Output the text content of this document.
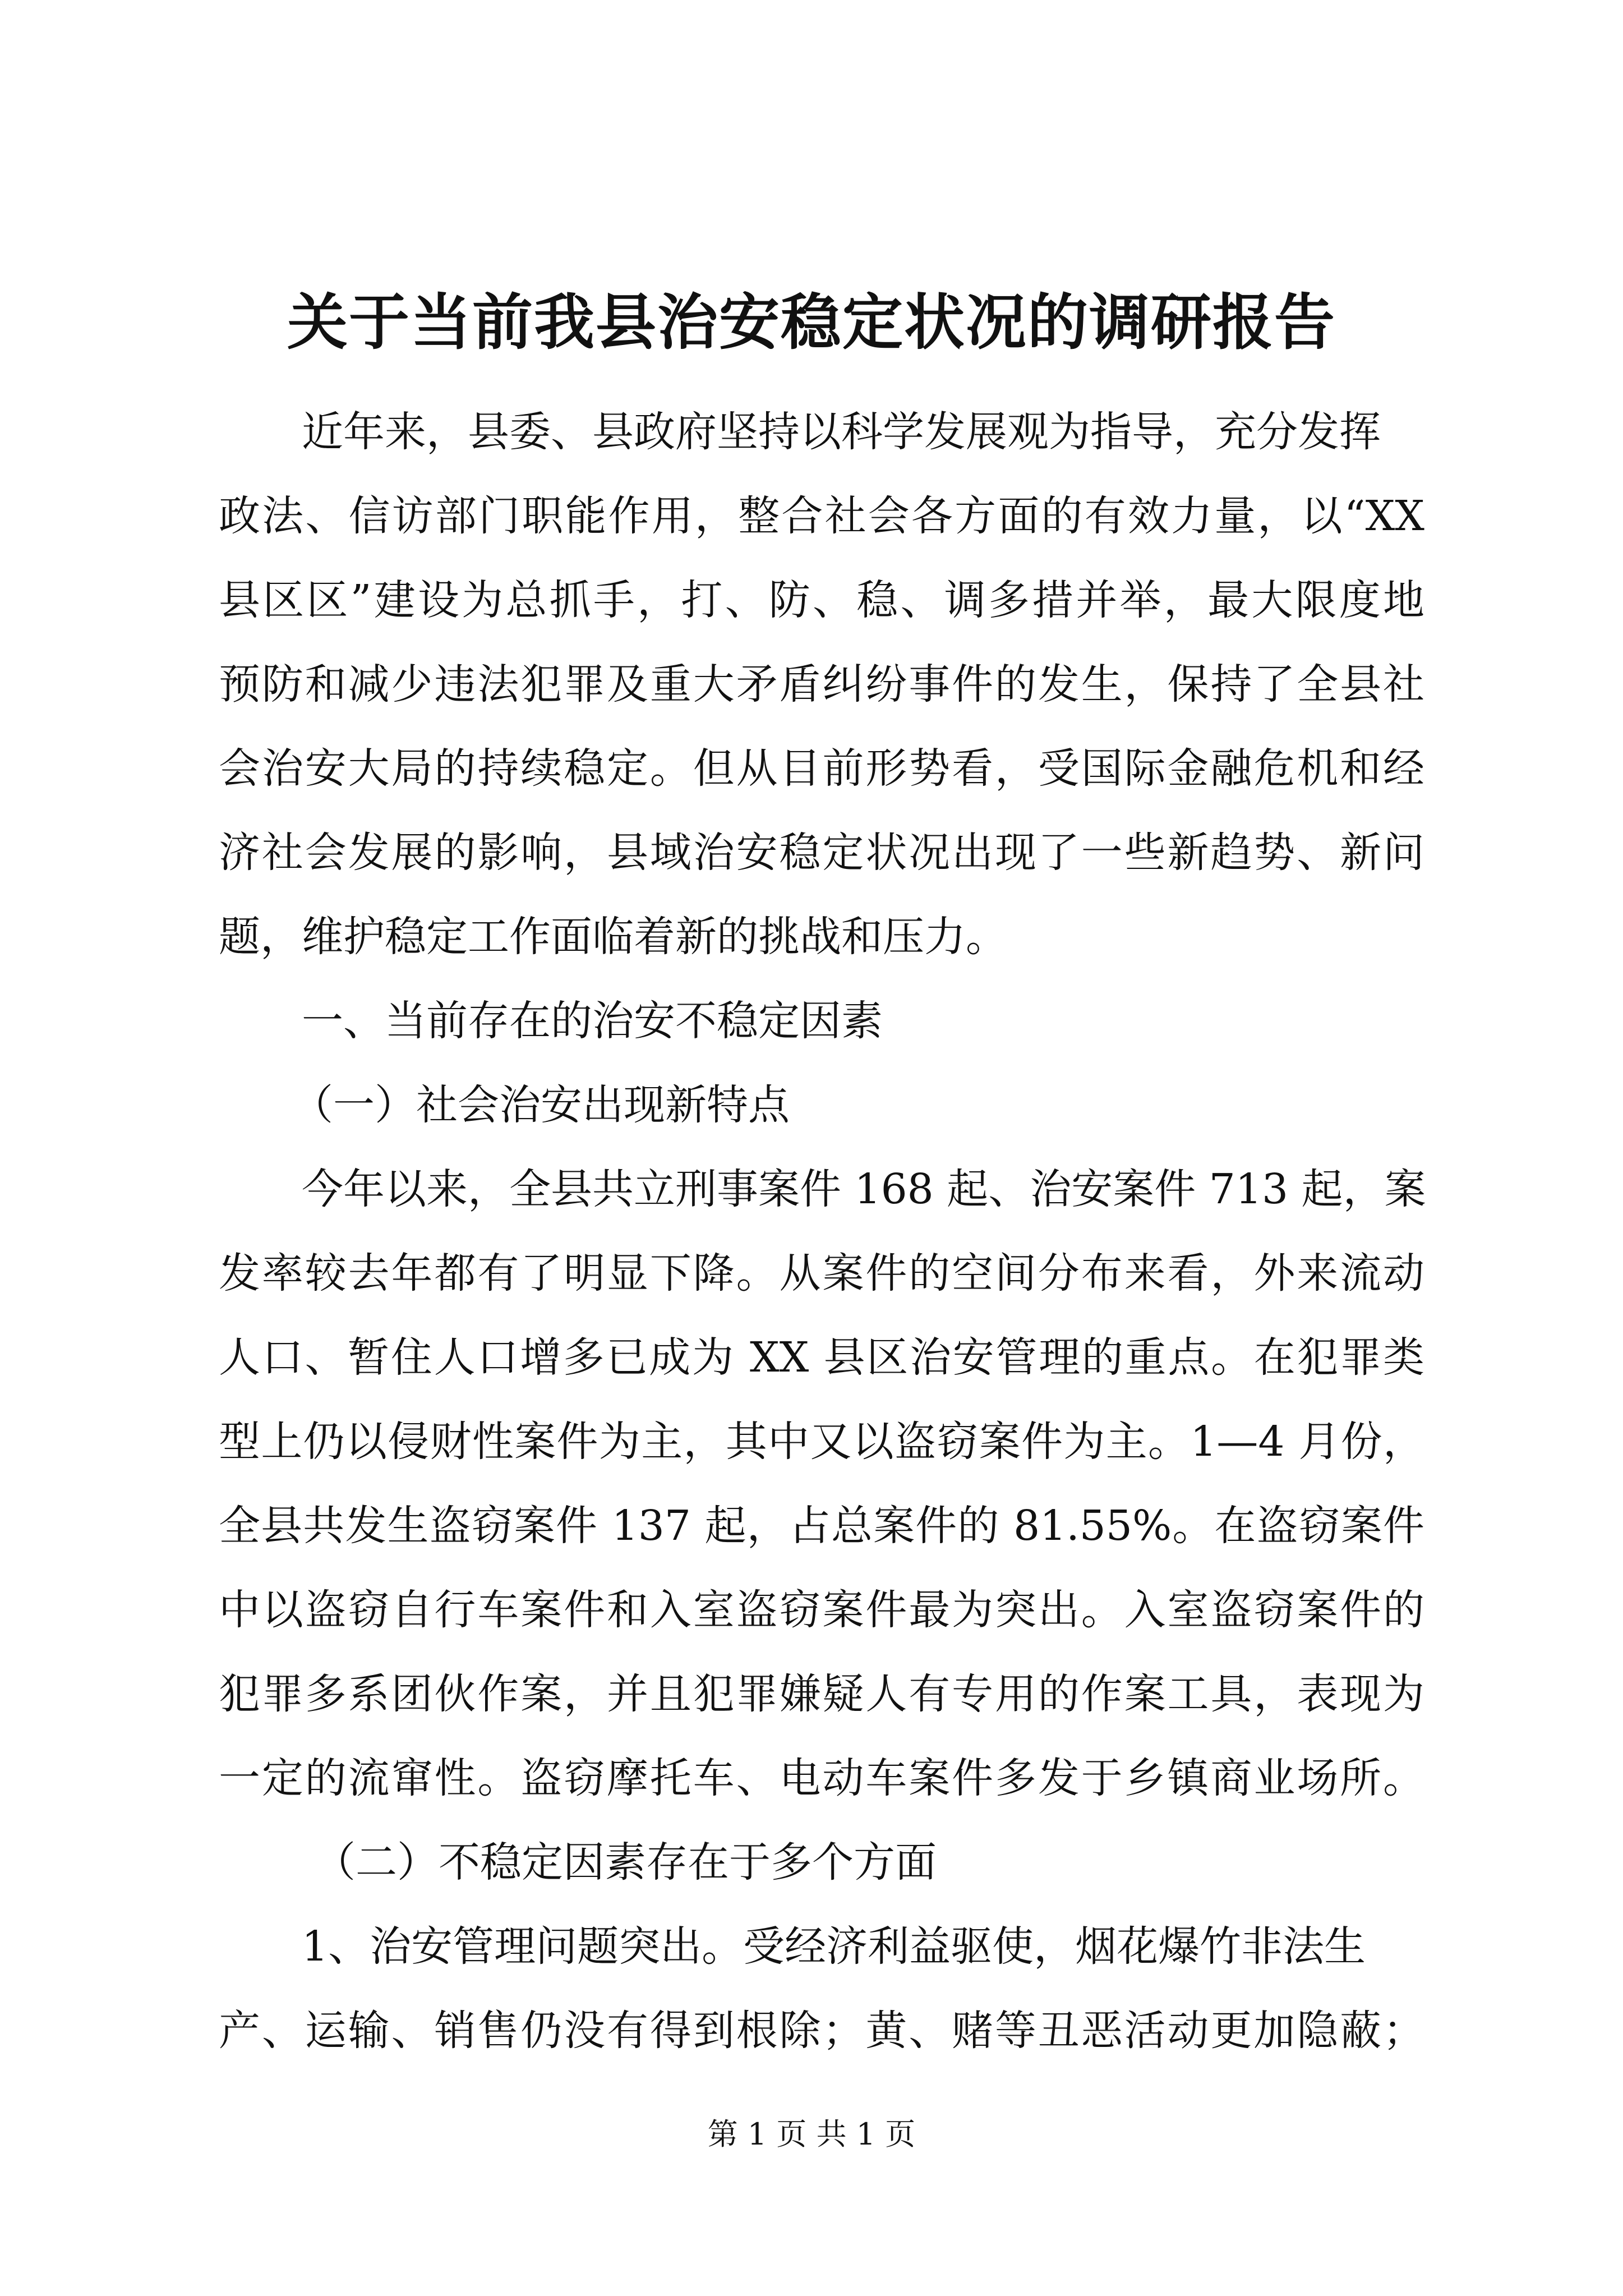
关于当前我县治安稳定状况的调研报告

近年来，县委、县政府坚持以科学发展观为指导，充分发挥

政法、信访部门职能作用，整合社会各方面的有效力量，以“XX

县区区”建设为总抓手，打、防、稳、调多措并举，最大限度地

预防和减少违法犯罪及重大矛盾纠纷事件的发生，保持了全县社

会治安大局的持续稳定。但从目前形势看，受国际金融危机和经

济社会发展的影响，县域治安稳定状况出现了一些新趋势、新问

题，维护稳定工作面临着新的挑战和压力。

一、当前存在的治安不稳定因素

（一）社会治安出现新特点

今年以来，全县共立刑事案件 168 起、治安案件 713 起，案

发率较去年都有了明显下降。从案件的空间分布来看，外来流动

人口、暂住人口增多已成为 XX 县区治安管理的重点。在犯罪类

型上仍以侵财性案件为主，其中又以盗窃案件为主。1—4 月份，

全县共发生盗窃案件 137 起，占总案件的 81.55%。在盗窃案件

中以盗窃自行车案件和入室盗窃案件最为突出。入室盗窃案件的

犯罪多系团伙作案，并且犯罪嫌疑人有专用的作案工具，表现为

一定的流窜性。盗窃摩托车、电动车案件多发于乡镇商业场所。

（二）不稳定因素存在于多个方面

1、治安管理问题突出。受经济利益驱使，烟花爆竹非法生

产、运输、销售仍没有得到根除；黄、赌等丑恶活动更加隐蔽；

第 1 页 共 1 页
